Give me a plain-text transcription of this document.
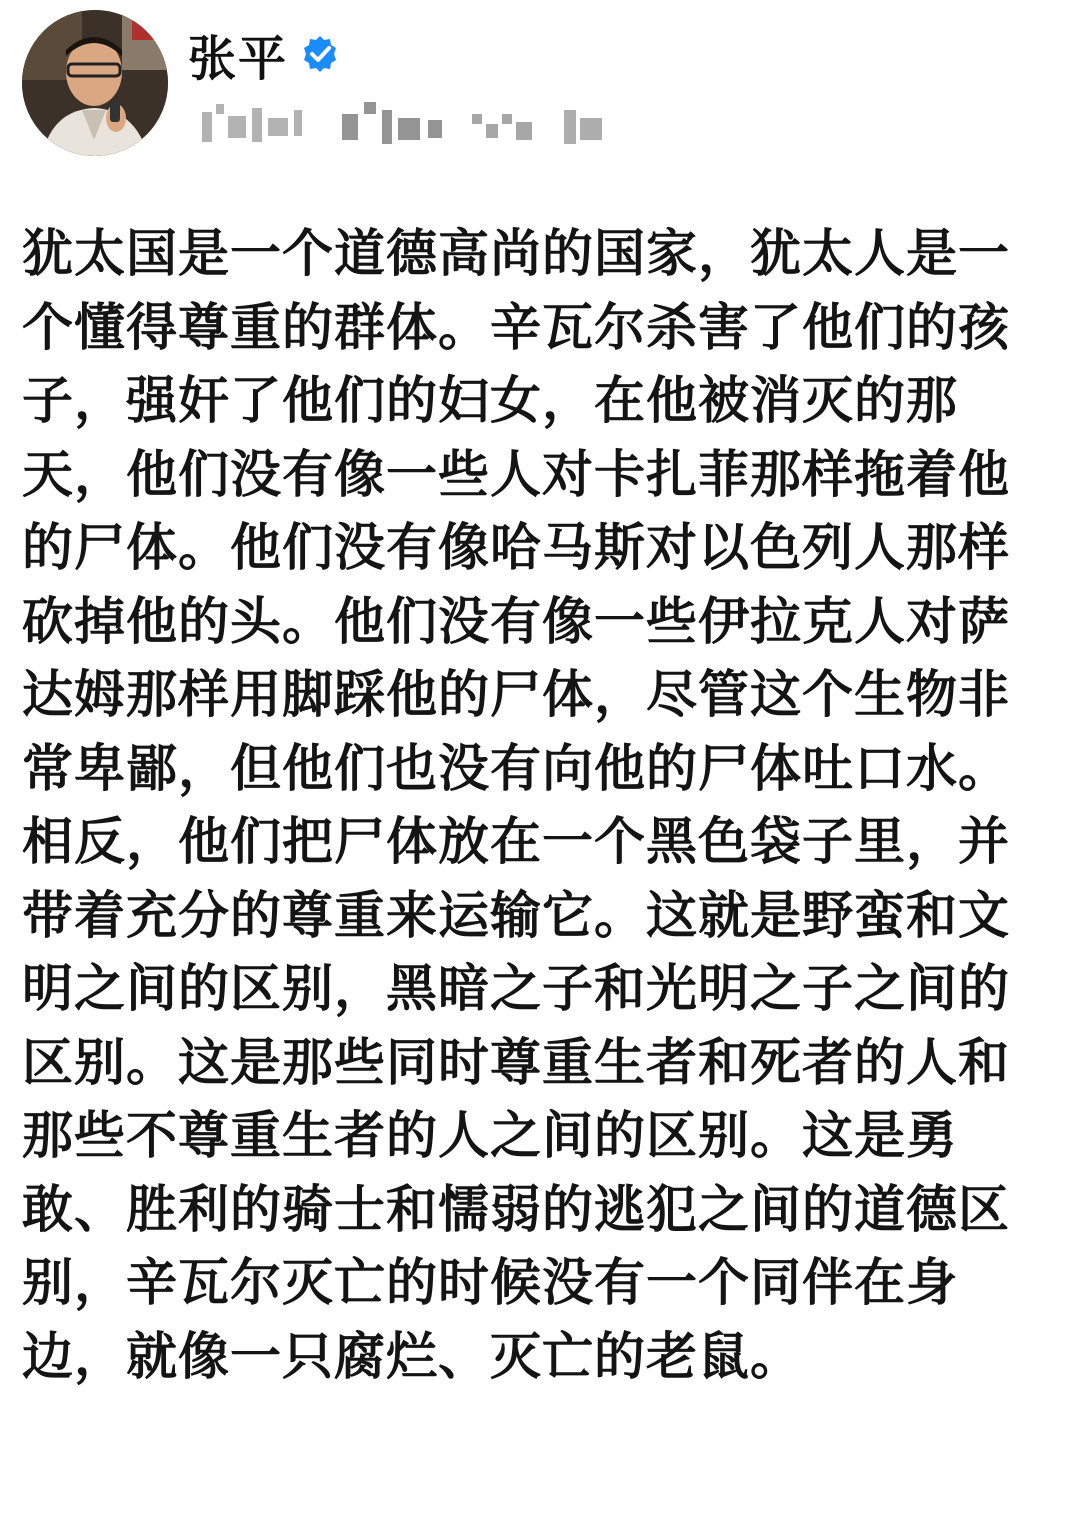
张平

犹太国是一个道德高尚的国家，犹太人是一个懂得尊重的群体。辛瓦尔杀害了他们的孩子，强奸了他们的妇女，在他被消灭的那天，他们没有像一些人对卡扎菲那样拖着他的尸体。他们没有像哈马斯对以色列人那样砍掉他的头。他们没有像一些伊拉克人对萨达姆那样用脚踩他的尸体，尽管这个生物非常卑鄙，但他们也没有向他的尸体吐口水。相反，他们把尸体放在一个黑色袋子里，并带着充分的尊重来运输它。这就是野蛮和文明之间的区别，黑暗之子和光明之子之间的区别。这是那些同时尊重生者和死者的人和那些不尊重生者的人之间的区别。这是勇敢、胜利的骑士和懦弱的逃犯之间的道德区别，辛瓦尔灭亡的时候没有一个同伴在身边，就像一只腐烂、灭亡的老鼠。
